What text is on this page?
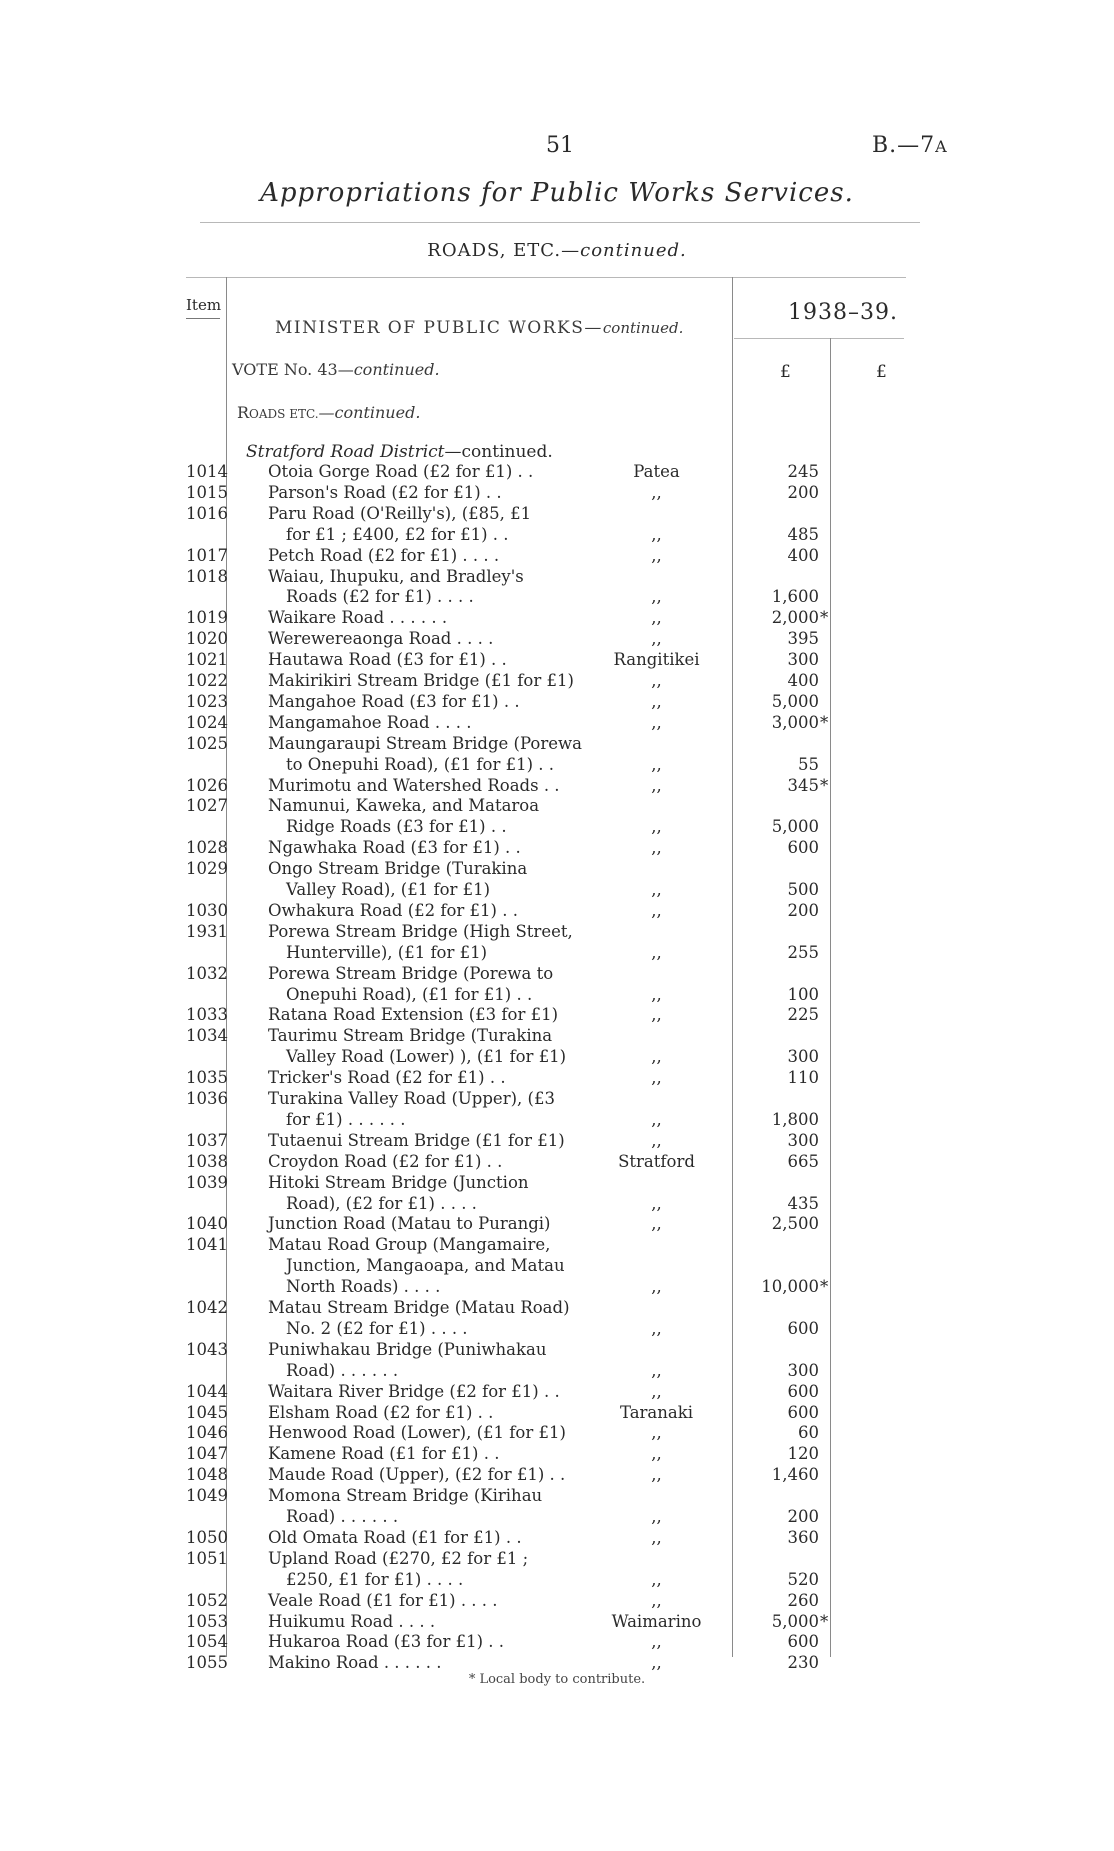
51	B.—7A
Appropriations for Public Works Services.
ROADS, ETC.—continued.
Item	1938–39.
MINISTER OF PUBLIC WORKS—continued.
VOTE No. 43—continued.
ROADS ETC.—continued.
£	£
Stratford Road District—continued.
1014 Otoia Gorge Road (£2 for £1) . .	Patea	245
1015 Parson's Road (£2 for £1) . .	,,	200
1016 Paru Road (O'Reilly's), (£85, £1
for £1 ; £400, £2 for £1) . .	,,	485
1017 Petch Road (£2 for £1) . . . .	,,	400
1018 Waiau, Ihupuku, and Bradley's
Roads (£2 for £1) . . . .	,,	1,600
1019 Waikare Road . . . . . .	,,	2,000 *
1020 Werewereaonga Road . . . .	,,	395
1021 Hautawa Road (£3 for £1) . .	Rangitikei	300
1022 Makirikiri Stream Bridge (£1 for £1)	,,	400
1023 Mangahoe Road (£3 for £1) . .	,,	5,000
1024 Mangamahoe Road . . . .	,,	3,000 *
1025 Maungaraupi Stream Bridge (Porewa
to Onepuhi Road), (£1 for £1) . .	,,	55
1026 Murimotu and Watershed Roads . .	,,	345 *
1027 Namunui, Kaweka, and Mataroa
Ridge Roads (£3 for £1) . .	,,	5,000
1028 Ngawhaka Road (£3 for £1) . .	,,	600
1029 Ongo Stream Bridge (Turakina
Valley Road), (£1 for £1)	,,	500
1030 Owhakura Road (£2 for £1) . .	,,	200
1931 Porewa Stream Bridge (High Street,
Hunterville), (£1 for £1)	,,	255
1032 Porewa Stream Bridge (Porewa to
Onepuhi Road), (£1 for £1) . .	,,	100
1033 Ratana Road Extension (£3 for £1)	,,	225
1034 Taurimu Stream Bridge (Turakina
Valley Road (Lower) ), (£1 for £1)	,,	300
1035 Tricker's Road (£2 for £1) . .	,,	110
1036 Turakina Valley Road (Upper), (£3
for £1) . . . . . .	,,	1,800
1037 Tutaenui Stream Bridge (£1 for £1)	,,	300
1038 Croydon Road (£2 for £1) . .	Stratford	665
1039 Hitoki Stream Bridge (Junction
Road), (£2 for £1) . . . .	,,	435
1040 Junction Road (Matau to Purangi)	,,	2,500
1041 Matau Road Group (Mangamaire,
Junction, Mangaoapa, and Matau
North Roads) . . . .	,,	10,000 *
1042 Matau Stream Bridge (Matau Road)
No. 2 (£2 for £1) . . . .	,,	600
1043 Puniwhakau Bridge (Puniwhakau
Road) . . . . . .	,,	300
1044 Waitara River Bridge (£2 for £1) . .	,,	600
1045 Elsham Road (£2 for £1) . .	Taranaki	600
1046 Henwood Road (Lower), (£1 for £1)	,,	60
1047 Kamene Road (£1 for £1) . .	,,	120
1048 Maude Road (Upper), (£2 for £1) . .	,,	1,460
1049 Momona Stream Bridge (Kirihau
Road) . . . . . .	,,	200
1050 Old Omata Road (£1 for £1) . .	,,	360
1051 Upland Road (£270, £2 for £1 ;
£250, £1 for £1) . . . .	,,	520
1052 Veale Road (£1 for £1) . . . .	,,	260
1053 Huikumu Road . . . .	Waimarino	5,000 *
1054 Hukaroa Road (£3 for £1) . .	,,	600
1055 Makino Road . . . . . .	,,	230
* Local body to contribute.
